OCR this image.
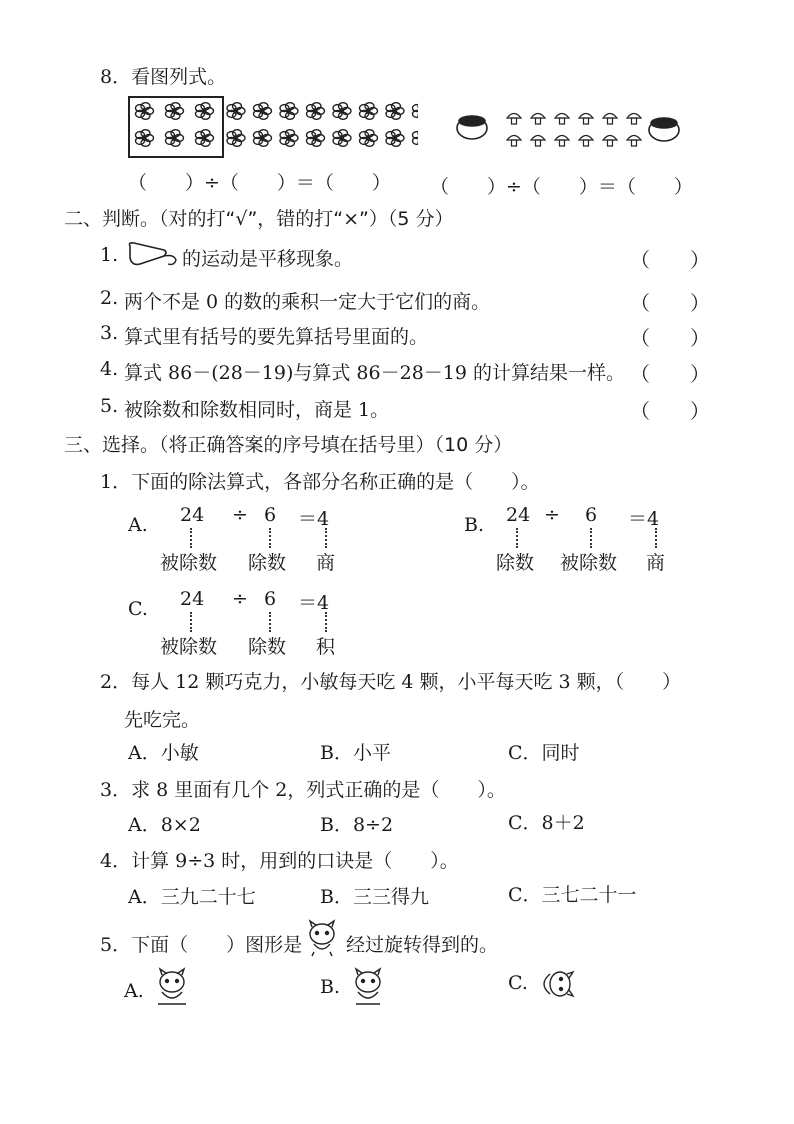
8．看图列式。
（　　）÷（　　）＝（　　） （　　）÷（　　）＝（　　）
二、判断。（对的打“√”，错的打“×”）（5 分）
1.	的运动是平移现象。	（　　）
2. 两个不是 0 的数的乘积一定大于它们的商。	（　　）
3. 算式里有括号的要先算括号里面的。	（　　）
4. 算式 86－(28－19)与算式 86－28－19 的计算结果一样。 （　　）
5. 被除数和除数相同时，商是 1。	（　　）
三、选择。（将正确答案的序号填在括号里）（10 分）
1．下面的除法算式，各部分名称正确的是（　　）。
A. 24 ÷ 6 ＝4
被除数 除数 商
B. 24 ÷ 6 ＝4
除数 被除数 商
C. 24 ÷ 6 ＝4
被除数 除数 积
2．每人 12 颗巧克力，小敏每天吃 4 颗，小平每天吃 3 颗，（　　）
先吃完。
A．小敏	B．小平	C．同时
3．求 8 里面有几个 2，列式正确的是（　　）。
A．8×2	B．8÷2	C．8＋2
4．计算 9÷3 时，用到的口诀是（　　）。
A．三九二十七	B．三三得九	C．三七二十一
5．下面（　　）图形是 经过旋转得到的。
A.	B.	C.
